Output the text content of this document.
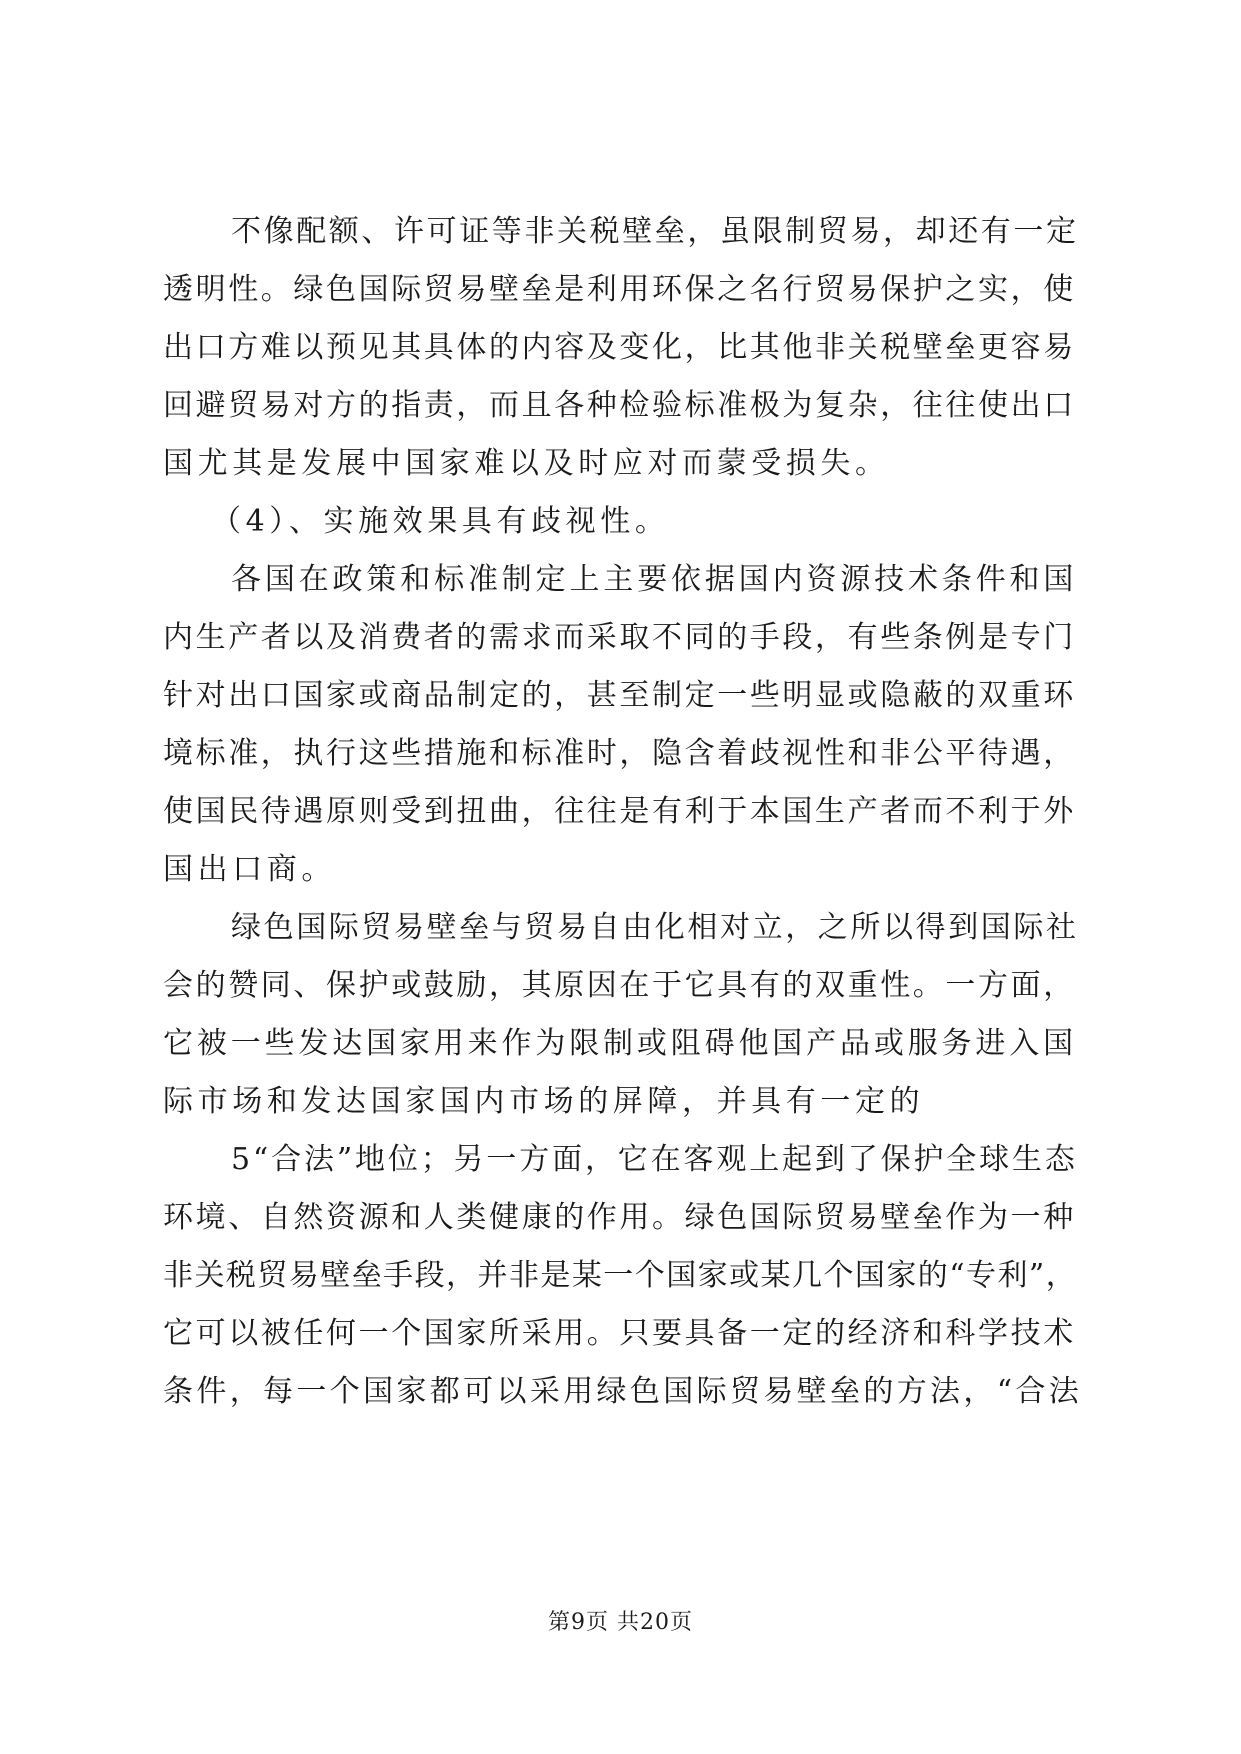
不像配额、许可证等非关税壁垒，虽限制贸易，却还有一定
透明性。绿色国际贸易壁垒是利用环保之名行贸易保护之实，使
出口方难以预见其具体的内容及变化，比其他非关税壁垒更容易
回避贸易对方的指责，而且各种检验标准极为复杂，往往使出口
国尤其是发展中国家难以及时应对而蒙受损失。
（4）、实施效果具有歧视性。
各国在政策和标准制定上主要依据国内资源技术条件和国
内生产者以及消费者的需求而采取不同的手段，有些条例是专门
针对出口国家或商品制定的，甚至制定一些明显或隐蔽的双重环
境标准，执行这些措施和标准时，隐含着歧视性和非公平待遇，
使国民待遇原则受到扭曲，往往是有利于本国生产者而不利于外
国出口商。
绿色国际贸易壁垒与贸易自由化相对立，之所以得到国际社
会的赞同、保护或鼓励，其原因在于它具有的双重性。一方面，
它被一些发达国家用来作为限制或阻碍他国产品或服务进入国
际市场和发达国家国内市场的屏障，并具有一定的
5“合法”地位；另一方面，它在客观上起到了保护全球生态
环境、自然资源和人类健康的作用。绿色国际贸易壁垒作为一种
非关税贸易壁垒手段，并非是某一个国家或某几个国家的“专利”，
它可以被任何一个国家所采用。只要具备一定的经济和科学技术
条件，每一个国家都可以采用绿色国际贸易壁垒的方法，“合法
第9页 共20页
